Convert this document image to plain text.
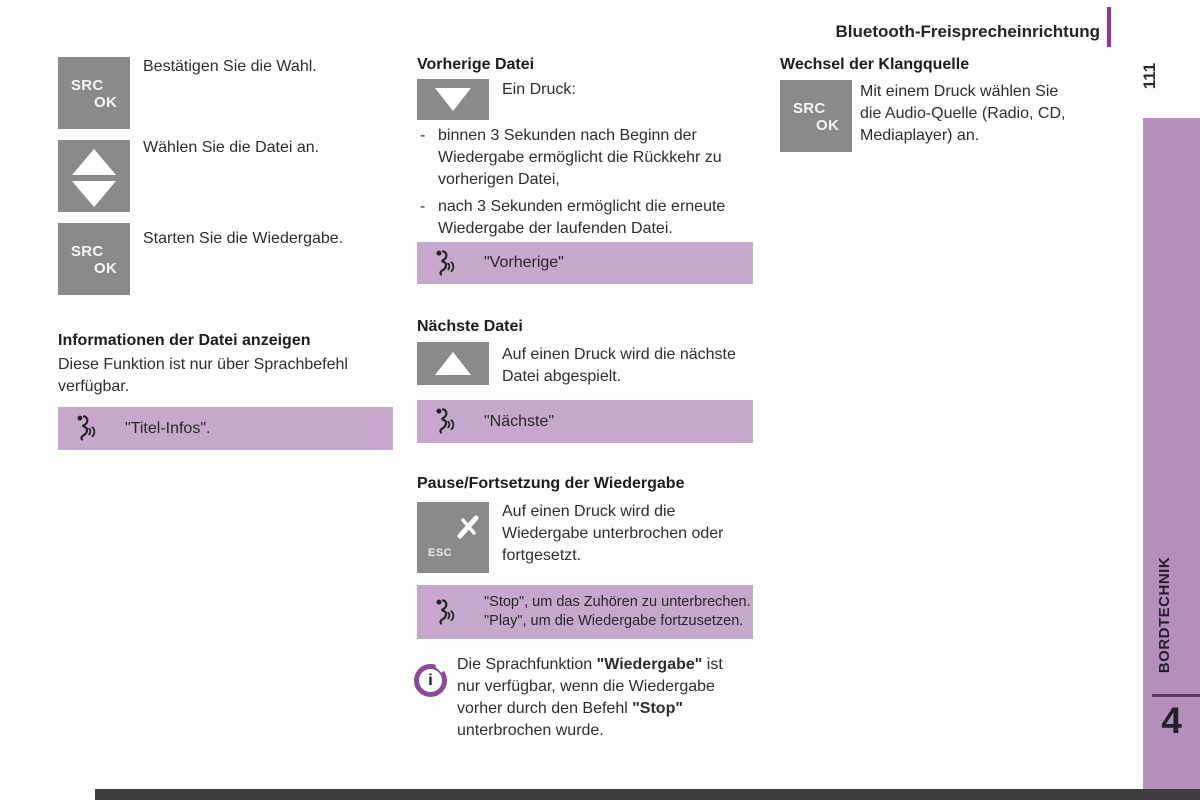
Bluetooth-Freisprecheinrichtung
111
BORDTECHNIK
4
SRC
OK
Bestätigen Sie die Wahl.
Wählen Sie die Datei an.
SRC
OK
Starten Sie die Wiedergabe.
Informationen der Datei anzeigen
Diese Funktion ist nur über Sprachbefehl
verfügbar.
"Titel-Infos".
Vorherige Datei
Ein Druck:
- binnen 3 Sekunden nach Beginn der
Wiedergabe ermöglicht die Rückkehr zu
vorherigen Datei,
- nach 3 Sekunden ermöglicht die erneute
Wiedergabe der laufenden Datei.
"Vorherige"
Nächste Datei
Auf einen Druck wird die nächste
Datei abgespielt.
"Nächste"
Pause/Fortsetzung der Wiedergabe
ESC
Auf einen Druck wird die
Wiedergabe unterbrochen oder
fortgesetzt.
"Stop", um das Zuhören zu unterbrechen.
"Play", um die Wiedergabe fortzusetzen.
i
Die Sprachfunktion "Wiedergabe" ist
nur verfügbar, wenn die Wiedergabe
vorher durch den Befehl "Stop"
unterbrochen wurde.
Wechsel der Klangquelle
SRC
OK
Mit einem Druck wählen Sie
die Audio-Quelle (Radio, CD,
Mediaplayer) an.
